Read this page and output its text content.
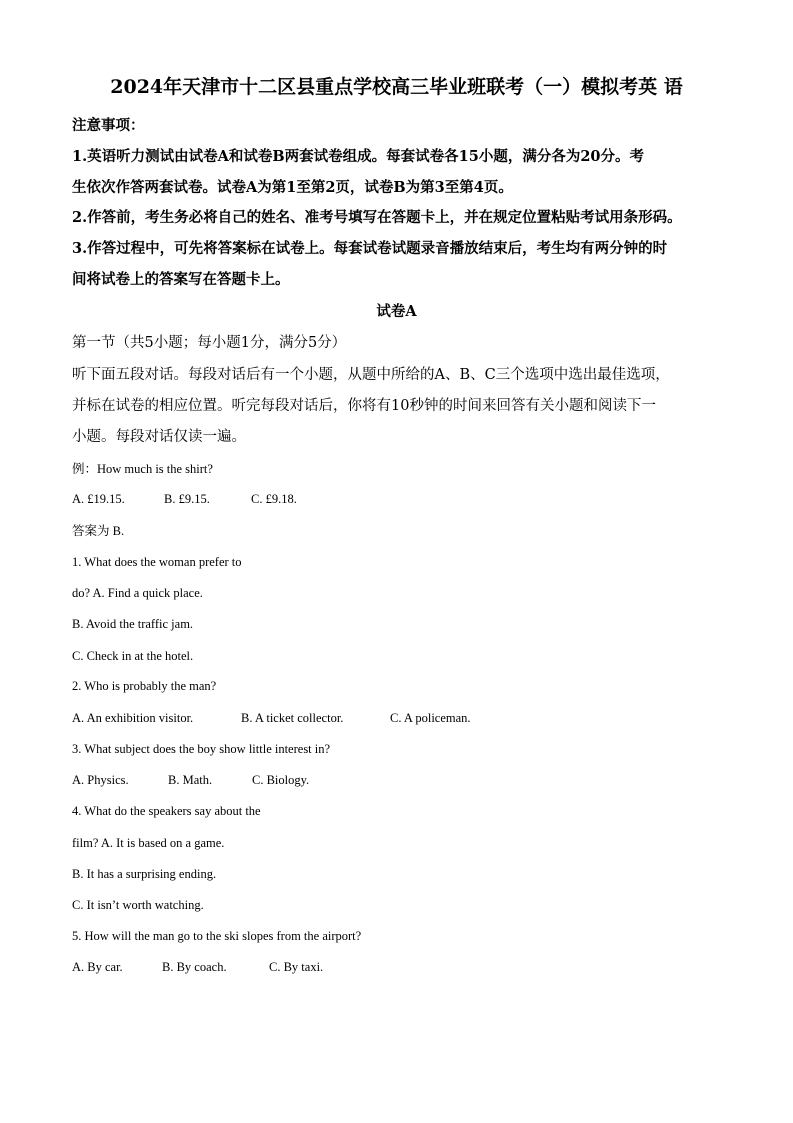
2024年天津市十二区县重点学校高三毕业班联考（一）模拟考英 语
注意事项：
1.英语听力测试由试卷A和试卷B两套试卷组成。每套试卷各15小题，满分各为20分。考
生依次作答两套试卷。试卷A为第1至第2页，试卷B为第3至第4页。
2.作答前，考生务必将自己的姓名、准考号填写在答题卡上，并在规定位置粘贴考试用条形码。
3.作答过程中，可先将答案标在试卷上。每套试卷试题录音播放结束后，考生均有两分钟的时
间将试卷上的答案写在答题卡上。
试卷A
第一节（共5小题；每小题1分，满分5分）
听下面五段对话。每段对话后有一个小题，从题中所给的A、B、C三个选项中选出最佳选项，
并标在试卷的相应位置。听完每段对话后，你将有10秒钟的时间来回答有关小题和阅读下一
小题。每段对话仅读一遍。
例：How much is the shirt?
A. £19.15.	B. £9.15.	C. £9.18.
答案为 B.
1. What does the woman prefer to
do? A. Find a quick place.
B. Avoid the traffic jam.
C. Check in at the hotel.
2. Who is probably the man?
A. An exhibition visitor.	B. A ticket collector.	C. A policeman.
3. What subject does the boy show little interest in?
A. Physics.	B. Math.	C. Biology.
4. What do the speakers say about the
film? A. It is based on a game.
B. It has a surprising ending.
C. It isn’t worth watching.
5. How will the man go to the ski slopes from the airport?
A. By car.	B. By coach.	C. By taxi.
